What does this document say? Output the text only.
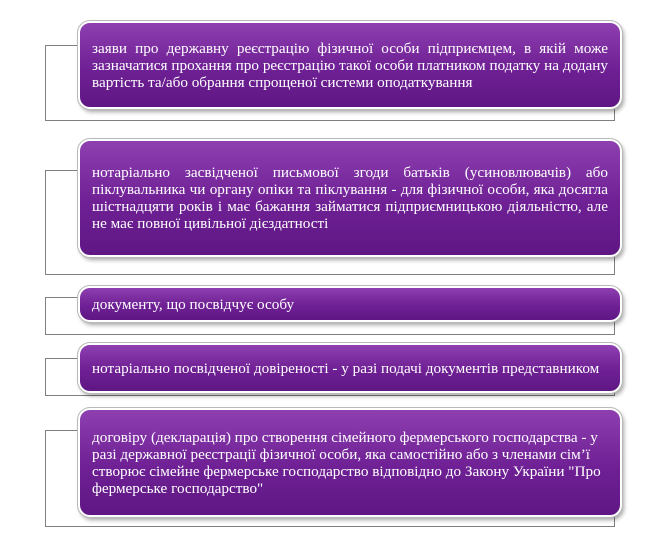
заяви про державну реєстрацію фізичної особи підприємцем, в якій може зазначатися прохання про реєстрацію такої особи платником податку на додану вартість та/або обрання спрощеної системи оподаткування
нотаріально засвідченої письмової згоди батьків (усиновлювачів) або піклувальника чи органу опіки та піклування - для фізичної особи, яка досягла шістнадцяти років і має бажання займатися підприємницькою діяльністю, але не має повної цивільної дієздатності
документу, що посвідчує особу
нотаріально посвідченої довіреності - у разі подачі документів представником
договіру (декларація) про створення сімейного фермерського господарства - у разі державної реєстрації фізичної особи, яка самостійно або з членами сім’ї створює сімейне фермерське господарство відповідно до Закону України "Про фермерське господарство"
